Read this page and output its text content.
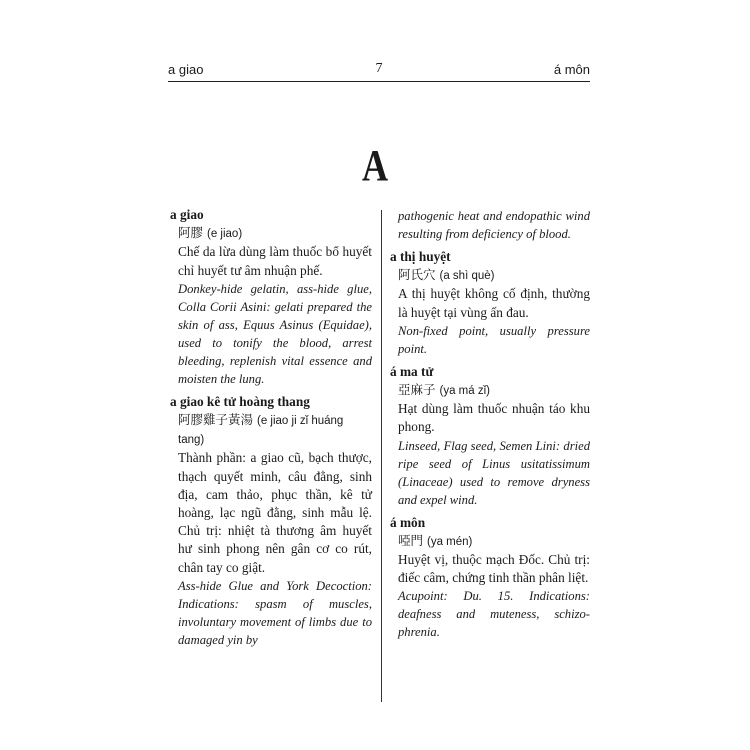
a giao	7	á môn
A
a giao
阿膠 (e jiao)
Chế da lừa dùng làm thuốc bổ huyết chỉ huyết tư âm nhuận phế.
Donkey-hide gelatin, ass-hide glue, Colla Corii Asini: gelati prepared the skin of ass, Equus Asinus (Equidae), used to tonify the blood, arrest bleeding, replenish vital essence and moisten the lung.
a giao kê tử hoàng thang
阿膠雞子黃湯 (e jiao ji zǐ huáng tang)
Thành phần: a giao cũ, bạch thược, thạch quyết minh, câu đằng, sinh địa, cam thảo, phục thần, kê tử hoàng, lạc ngũ đằng, sinh mẫu lệ. Chủ trị: nhiệt tà thương âm huyết hư sinh phong nên gân cơ co rút, chân tay co giật.
Ass-hide Glue and York Decoction: Indications: spasm of muscles, involuntary movement of limbs due to damaged yin by
pathogenic heat and endopathic wind resulting from deficiency of blood.
a thị huyệt
阿氏穴 (a shì què)
A thị huyệt không cố định, thường là huyệt tại vùng ấn đau.
Non-fixed point, usually pressure point.
á ma tử
亞麻子 (ya má zǐ)
Hạt dùng làm thuốc nhuận táo khu phong.
Linseed, Flag seed, Semen Lini: dried ripe seed of Linus usitatissimum (Linaceae) used to remove dryness and expel wind.
á môn
啞門 (ya mén)
Huyệt vị, thuộc mạch Đốc. Chủ trị: điếc câm, chứng tinh thần phân liệt.
Acupoint: Du. 15. Indications: deafness and muteness, schizo-phrenia.
